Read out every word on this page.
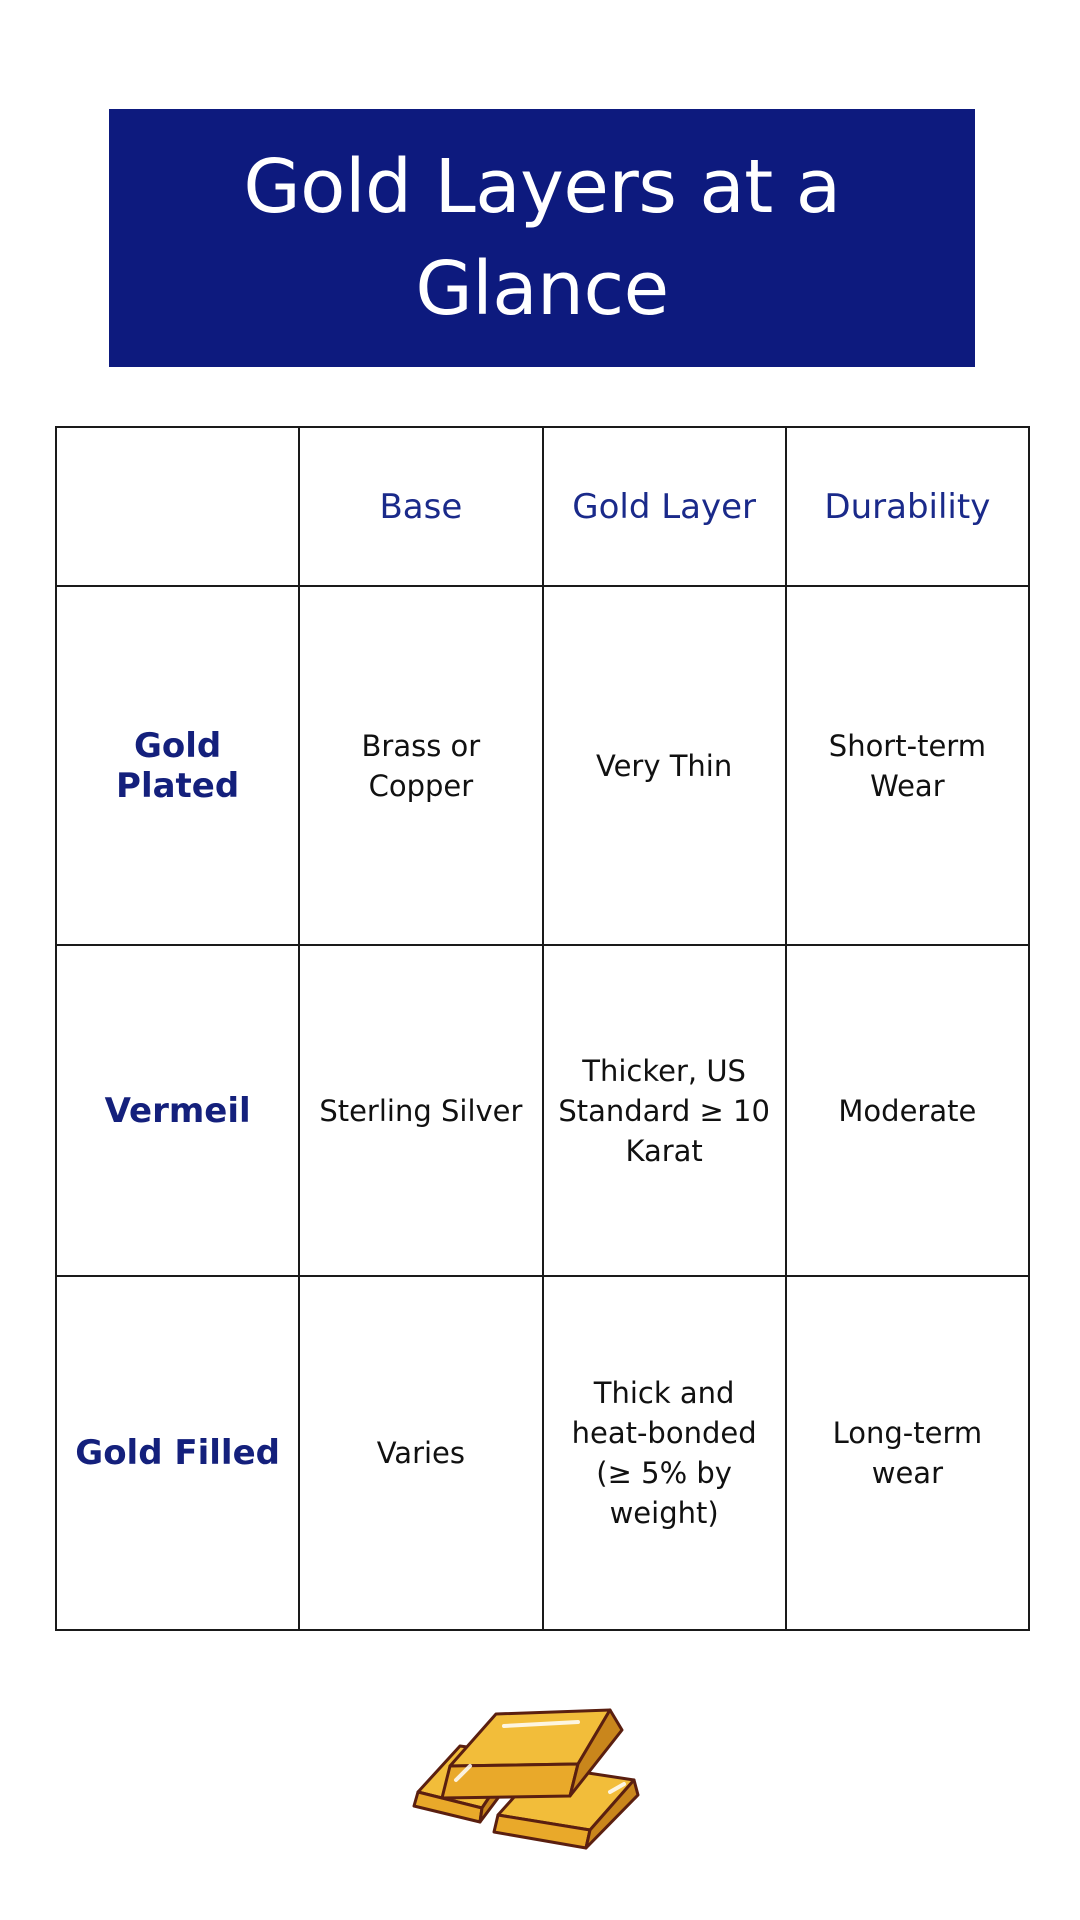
Gold Layers at a Glance
	Base	Gold Layer	Durability
Gold Plated	Brass or Copper	Very Thin	Short-term Wear
Vermeil	Sterling Silver	Thicker, US Standard ≥ 10 Karat	Moderate
Gold Filled	Varies	Thick and heat-bonded (≥ 5% by weight)	Long-term wear
